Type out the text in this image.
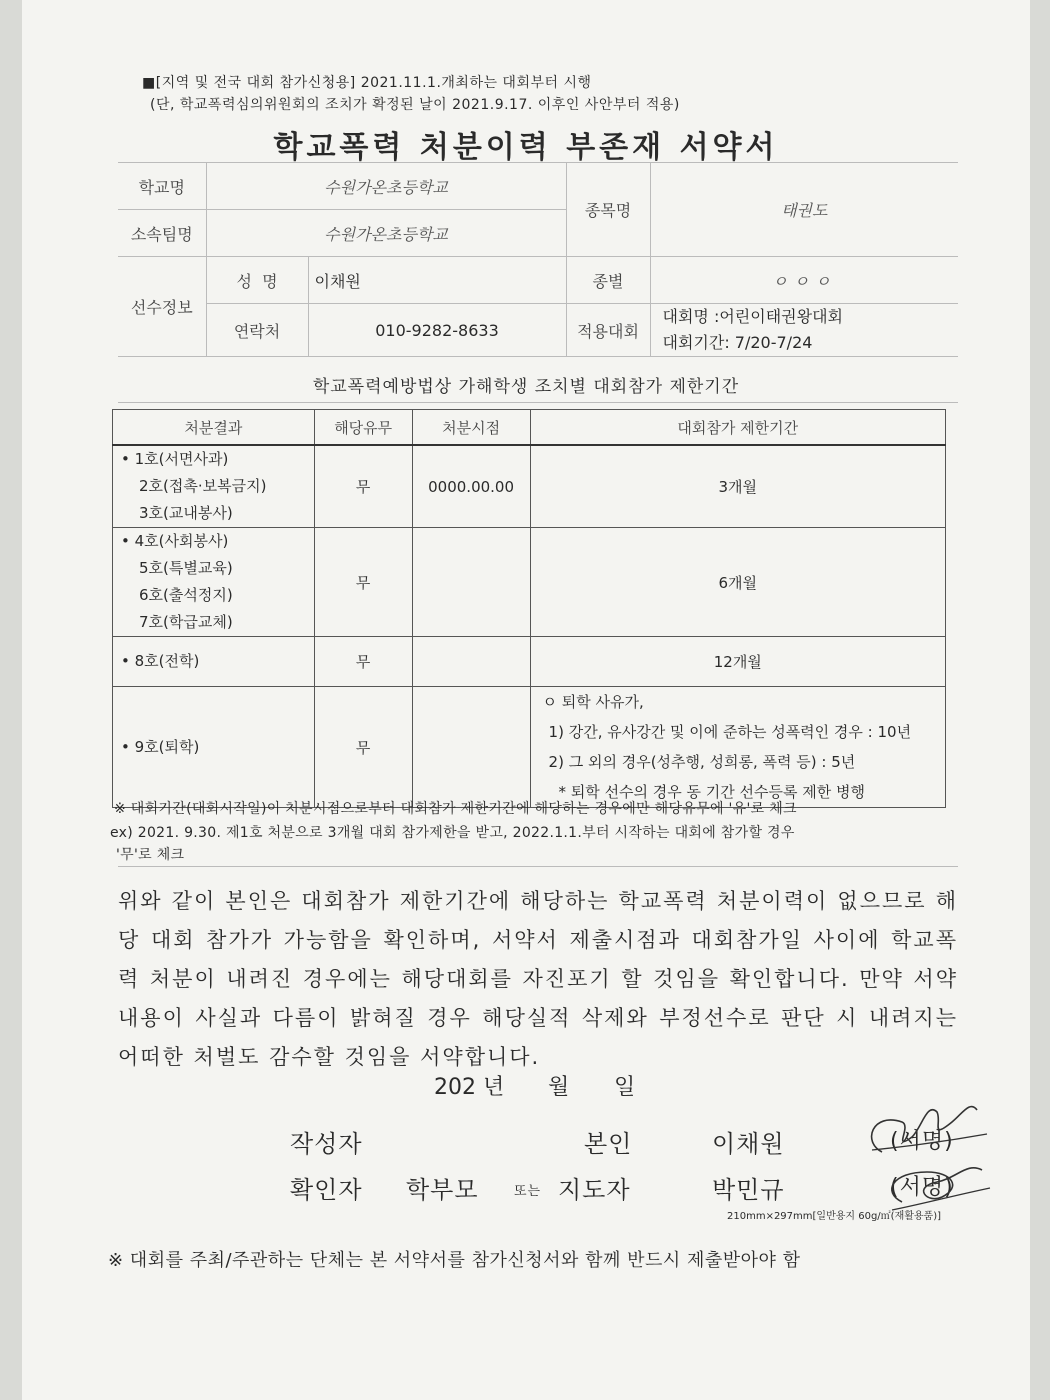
■[지역 및 전국 대회 참가신청용] 2021.11.1.개최하는 대회부터 시행
(단, 학교폭력심의위원회의 조치가 확정된 날이 2021.9.17. 이후인 사안부터 적용)
학교폭력 처분이력 부존재 서약서
학교명	수원가온초등학교		종목명	태권도
소속팀명	수원가온초등학교			
선수정보	성  명	이채원	종별	ㅇㅇㅇ
	연락처	010-9282-8633	적용대회	대회명 :어린이태권왕대회
대회기간: 7/20-7/24
학교폭력예방법상 가해학생 조치별 대회참가 제한기간
처분결과	해당유무	처분시점	대회참가 제한기간

• 1호(서면사과)
2호(접촉·보복금지)
3호(교내봉사)	무	0000.00.00	3개월

• 4호(사회봉사)
5호(특별교육)
6호(출석정지)
7호(학급교체)	무		6개월

• 8호(전학)	무		12개월

• 9호(퇴학)	무		ㅇ 퇴학 사유가,
1) 강간, 유사강간 및 이에 준하는 성폭력인 경우 : 10년
2) 그 외의 경우(성추행, 성희롱, 폭력 등) : 5년
* 퇴학 선수의 경우 동 기간 선수등록 제한 병행
※ 대회기간(대회시작일)이 처분시점으로부터 대회참가 제한기간에 해당하는 경우에만 해당유무에 '유'로 체크
ex) 2021. 9.30. 제1호 처분으로 3개월 대회 참가제한을 받고, 2022.1.1.부터 시작하는 대회에 참가할 경우
'무'로 체크
위와 같이 본인은 대회참가 제한기간에 해당하는 학교폭력 처분이력이 없으므로 해당 대회 참가가 가능함을 확인하며, 서약서 제출시점과 대회참가일 사이에 학교폭력 처분이 내려진 경우에는 해당대회를 자진포기 할 것임을 확인합니다. 만약 서약내용이 사실과 다름이 밝혀질 경우 해당실적 삭제와 부정선수로 판단 시 내려지는 어떠한 처벌도 감수할 것임을 서약합니다.
202 년 월 일
작성자	본인	이채원	(서명)
확인자 학부모	또는 지도자	박민규	(서명)
210mm×297mm[일반용지 60g/㎡(재활용품)]
※ 대회를 주최/주관하는 단체는 본 서약서를 참가신청서와 함께 반드시 제출받아야 함
